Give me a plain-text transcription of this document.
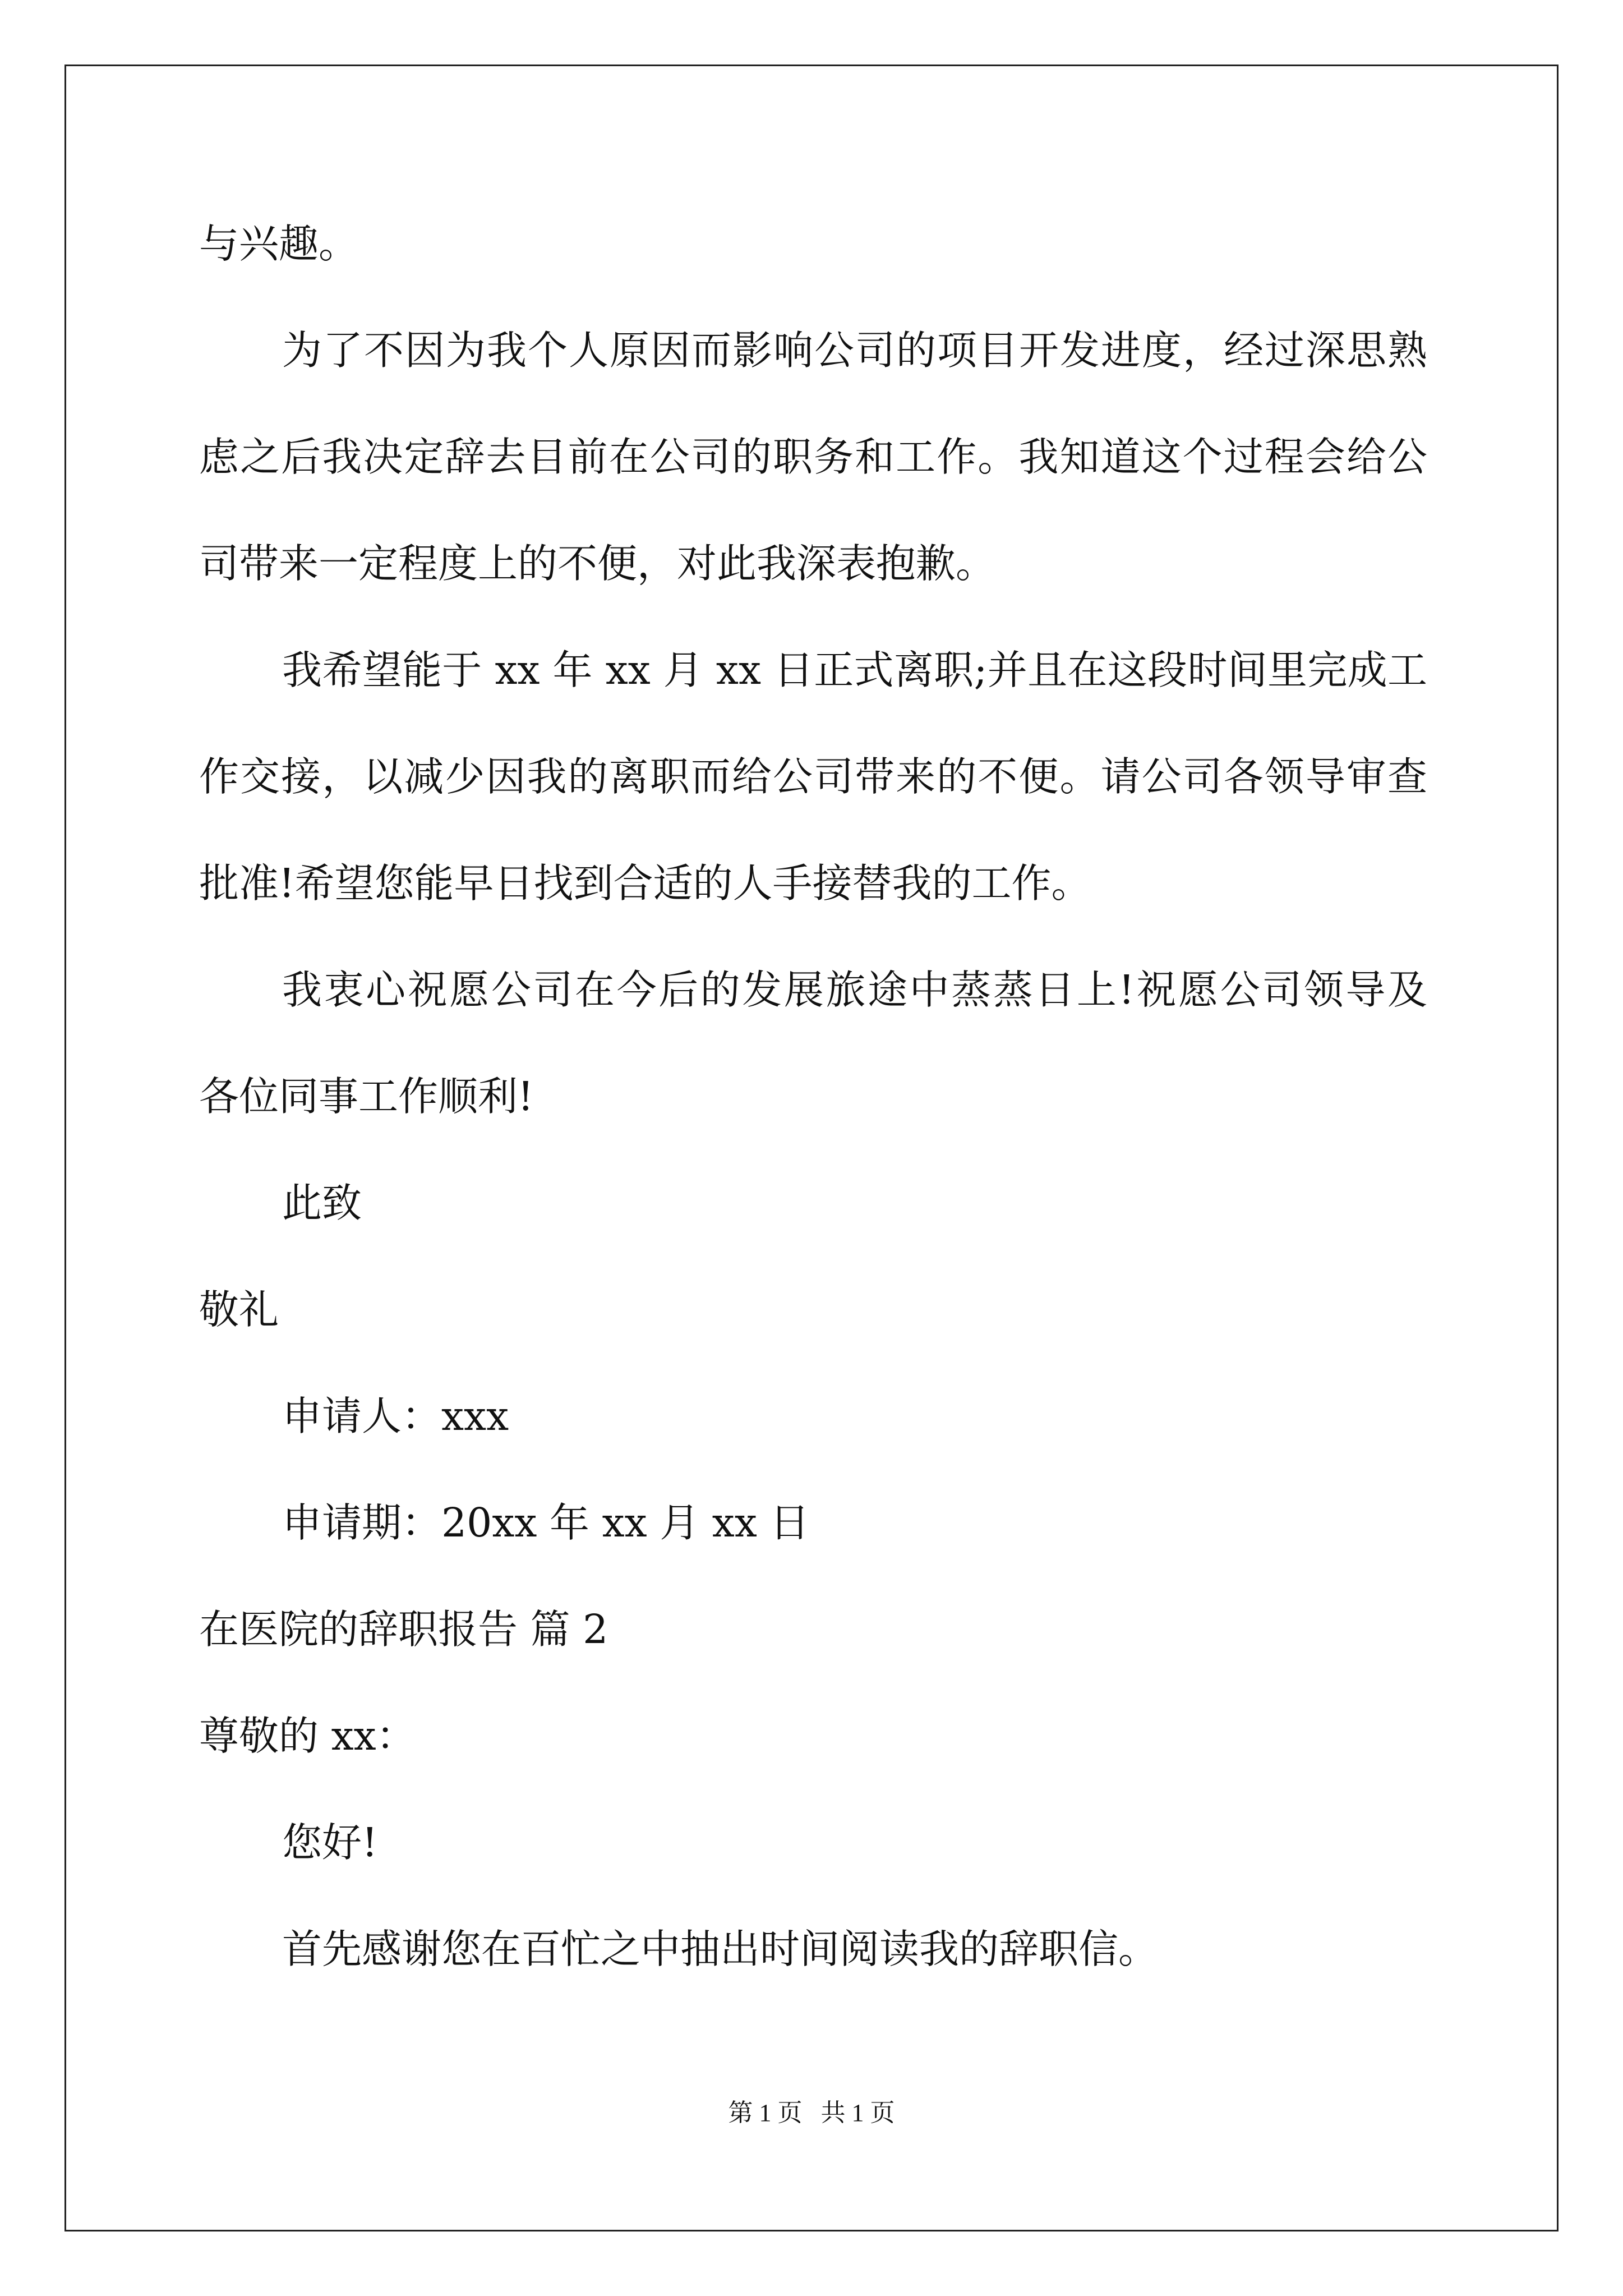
与兴趣。
为了不因为我个人原因而影响公司的项目开发进度，经过深思熟
虑之后我决定辞去目前在公司的职务和工作。我知道这个过程会给公
司带来一定程度上的不便，对此我深表抱歉。
我希望能于 xx 年 xx 月 xx 日正式离职;并且在这段时间里完成工
作交接，以减少因我的离职而给公司带来的不便。请公司各领导审查
批准!希望您能早日找到合适的人手接替我的工作。
我衷心祝愿公司在今后的发展旅途中蒸蒸日上!祝愿公司领导及
各位同事工作顺利!
此致
敬礼
申请人：xxx
申请期：20xx 年 xx 月 xx 日
在医院的辞职报告 篇 2
尊敬的 xx：
您好!
首先感谢您在百忙之中抽出时间阅读我的辞职信。
第 1 页 共 1 页
